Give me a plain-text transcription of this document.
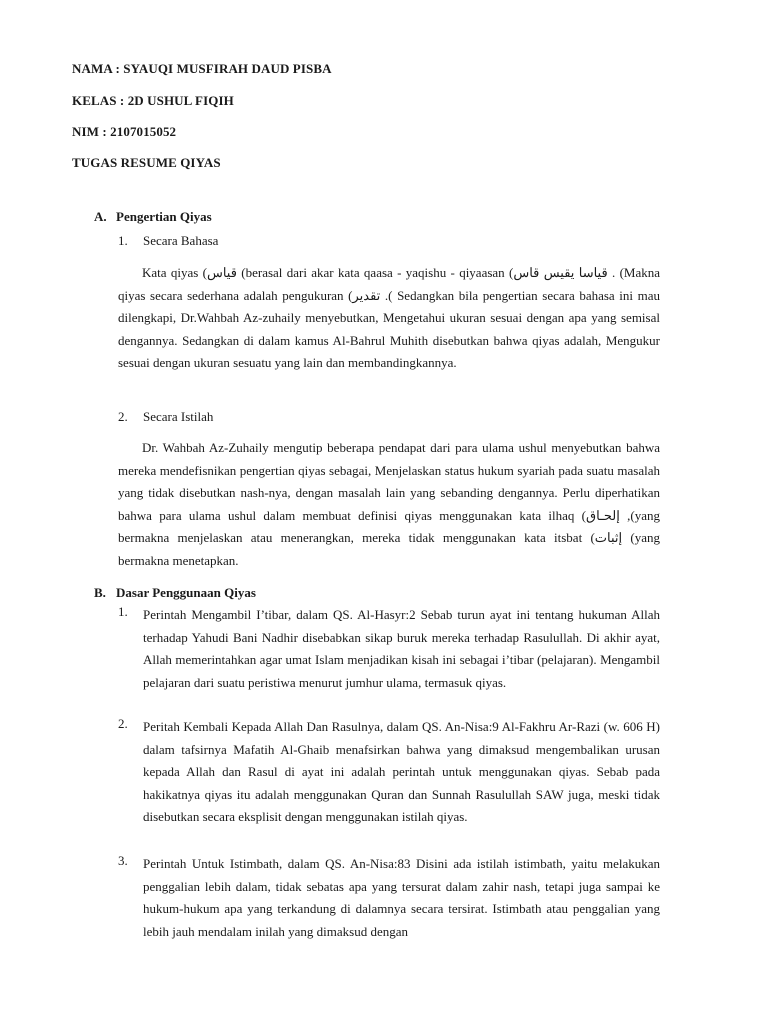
NAMA : SYAUQI MUSFIRAH DAUD PISBA
KELAS : 2D USHUL FIQIH
NIM : 2107015052
TUGAS RESUME QIYAS
A. Pengertian Qiyas
1. Secara Bahasa

Kata qiyas (قياس (berasal dari akar kata qaasa - yaqishu - qiyaasan (قياسا يقيس قاس . (Makna qiyas secara sederhana adalah pengukuran (تقدير .( Sedangkan bila pengertian secara bahasa ini mau dilengkapi, Dr.Wahbah Az-zuhaily menyebutkan, Mengetahui ukuran sesuai dengan apa yang semisal dengannya. Sedangkan di dalam kamus Al-Bahrul Muhith disebutkan bahwa qiyas adalah, Mengukur sesuai dengan ukuran sesuatu yang lain dan membandingkannya.

2. Secara Istilah

Dr. Wahbah Az-Zuhaily mengutip beberapa pendapat dari para ulama ushul menyebutkan bahwa mereka mendefisnikan pengertian qiyas sebagai, Menjelaskan status hukum syariah pada suatu masalah yang tidak disebutkan nash-nya, dengan masalah lain yang sebanding dengannya. Perlu diperhatikan bahwa para ulama ushul dalam membuat definisi qiyas menggunakan kata ilhaq (إلحـاق ,(yang bermakna menjelaskan atau menerangkan, mereka tidak menggunakan kata itsbat (إثبات (yang bermakna menetapkan.

B. Dasar Penggunaan Qiyas
1. Perintah Mengambil I’tibar, dalam QS. Al-Hasyr:2 Sebab turun ayat ini tentang hukuman Allah terhadap Yahudi Bani Nadhir disebabkan sikap buruk mereka terhadap Rasulullah. Di akhir ayat, Allah memerintahkan agar umat Islam menjadikan kisah ini sebagai i’tibar (pelajaran). Mengambil pelajaran dari suatu peristiwa menurut jumhur ulama, termasuk qiyas.

2. Peritah Kembali Kepada Allah Dan Rasulnya, dalam QS. An-Nisa:9 Al-Fakhru Ar-Razi (w. 606 H) dalam tafsirnya Mafatih Al-Ghaib menafsirkan bahwa yang dimaksud mengembalikan urusan kepada Allah dan Rasul di ayat ini adalah perintah untuk menggunakan qiyas. Sebab pada hakikatnya qiyas itu adalah menggunakan Quran dan Sunnah Rasulullah SAW juga, meski tidak disebutkan secara eksplisit dengan menggunakan istilah qiyas.

3. Perintah Untuk Istimbath, dalam QS. An-Nisa:83 Disini ada istilah istimbath, yaitu melakukan penggalian lebih dalam, tidak sebatas apa yang tersurat dalam zahir nash, tetapi juga sampai ke hukum-hukum apa yang terkandung di dalamnya secara tersirat. Istimbath atau penggalian yang lebih jauh mendalam inilah yang dimaksud dengan
